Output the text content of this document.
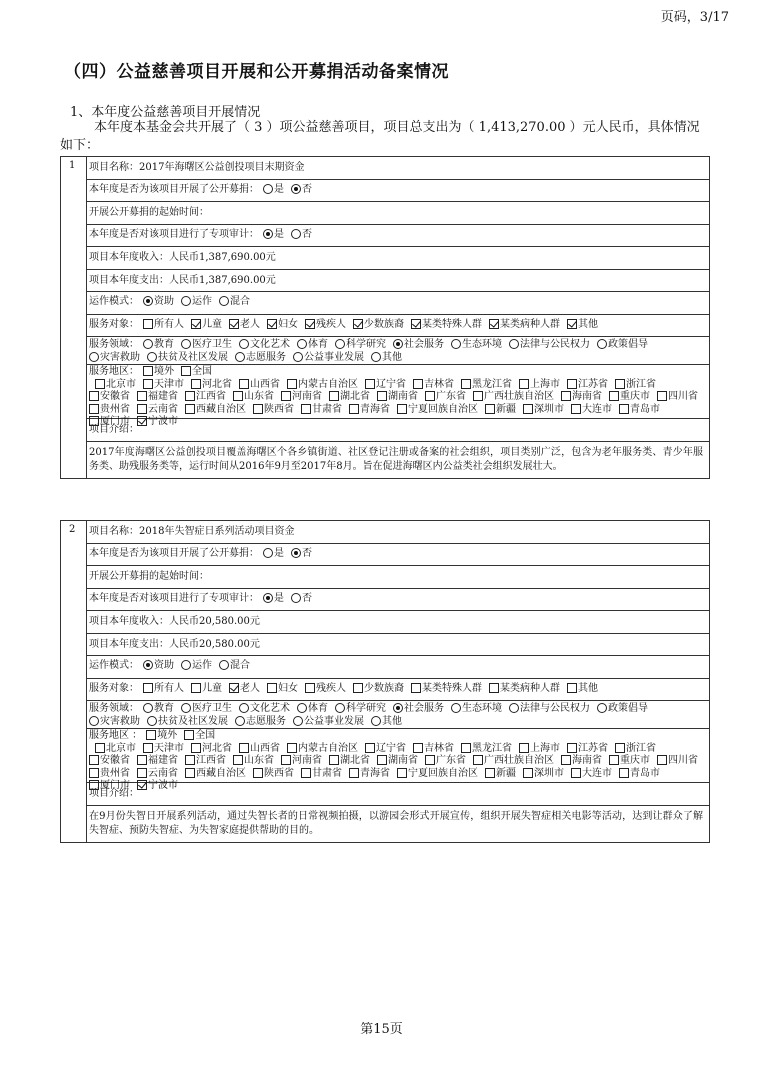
页码，3/17
（四）公益慈善项目开展和公开募捐活动备案情况
1、本年度公益慈善项目开展情况
本年度本基金会共开展了（ 3 ）项公益慈善项目，项目总支出为（ 1,413,270.00 ）元人民币，具体情况如下：
1 项目名称：2017年海曙区公益创投项目末期资金
本年度是否为该项目开展了公开募捐： 是 否
开展公开募捐的起始时间：
本年度是否对该项目进行了专项审计： 是 否
项目本年度收入：人民币1,387,690.00元
项目本年度支出：人民币1,387,690.00元
运作模式： 资助 运作 混合
服务对象： 所有人 儿童 老人 妇女 残疾人 少数族裔 某类特殊人群 某类病种人群 其他
服务领域： 教育 医疗卫生 文化艺术 体育 科学研究 社会服务 生态环境 法律与公民权力 政策倡导灾害救助 扶贫及社区发展 志愿服务 公益事业发展 其他
服务地区： 境外 全国
北京市 天津市 河北省 山西省 内蒙古自治区 辽宁省 吉林省 黑龙江省 上海市 江苏省 浙江省安徽省 福建省 江西省 山东省 河南省 湖北省 湖南省 广东省 广西壮族自治区 海南省 重庆市 四川省贵州省 云南省 西藏自治区 陕西省 甘肃省 青海省 宁夏回族自治区 新疆 深圳市 大连市 青岛市厦门市 宁波市
项目介绍：
2017年度海曙区公益创投项目覆盖海曙区个各乡镇街道、社区登记注册或备案的社会组织，项目类别广泛，包含为老年服务类、青少年服务类、助残服务类等，运行时间从2016年9月至2017年8月。旨在促进海曙区内公益类社会组织发展壮大。
2 项目名称：2018年失智症日系列活动项目资金
本年度是否为该项目开展了公开募捐： 是 否
开展公开募捐的起始时间：
本年度是否对该项目进行了专项审计： 是 否
项目本年度收入：人民币20,580.00元
项目本年度支出：人民币20,580.00元
运作模式： 资助 运作 混合
服务对象： 所有人 儿童 老人 妇女 残疾人 少数族裔 某类特殊人群 某类病种人群 其他
服务领域： 教育 医疗卫生 文化艺术 体育 科学研究 社会服务 生态环境 法律与公民权力 政策倡导灾害救助 扶贫及社区发展 志愿服务 公益事业发展 其他
服务地区 ： 境外 全国
北京市 天津市 河北省 山西省 内蒙古自治区 辽宁省 吉林省 黑龙江省 上海市 江苏省 浙江省安徽省 福建省 江西省 山东省 河南省 湖北省 湖南省 广东省 广西壮族自治区 海南省 重庆市 四川省贵州省 云南省 西藏自治区 陕西省 甘肃省 青海省 宁夏回族自治区 新疆 深圳市 大连市 青岛市厦门市 宁波市
项目介绍：
在9月份失智日开展系列活动，通过失智长者的日常视频拍摄，以游园会形式开展宣传，组织开展失智症相关电影等活动，达到让群众了解失智症、预防失智症、为失智家庭提供帮助的目的。
第15页
